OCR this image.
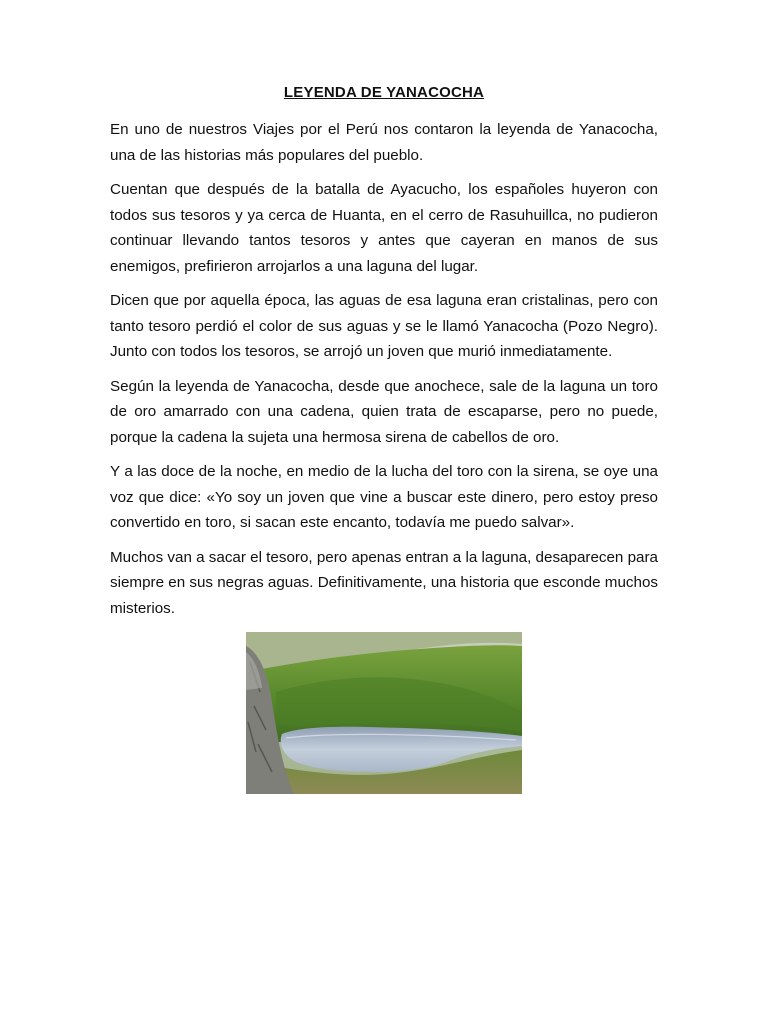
LEYENDA DE YANACOCHA

En uno de nuestros Viajes por el Perú nos contaron la leyenda de Yanacocha, una de las historias más populares del pueblo.

Cuentan que después de la batalla de Ayacucho, los españoles huyeron con todos sus tesoros y ya cerca de Huanta, en el cerro de Rasuhuillca, no pudieron continuar llevando tantos tesoros y antes que cayeran en manos de sus enemigos, prefirieron arrojarlos a una laguna del lugar.

Dicen que por aquella época, las aguas de esa laguna eran cristalinas, pero con tanto tesoro perdió el color de sus aguas y se le llamó Yanacocha (Pozo Negro). Junto con todos los tesoros, se arrojó un joven que murió inmediatamente.

Según la leyenda de Yanacocha, desde que anochece, sale de la laguna un toro de oro amarrado con una cadena, quien trata de escaparse, pero no puede, porque la cadena la sujeta una hermosa sirena de cabellos de oro.

Y a las doce de la noche, en medio de la lucha del toro con la sirena, se oye una voz que dice: «Yo soy un joven que vine a buscar este dinero, pero estoy preso convertido en toro, si sacan este encanto, todavía me puedo salvar».

Muchos van a sacar el tesoro, pero apenas entran a la laguna, desaparecen para siempre en sus negras aguas. Definitivamente, una historia que esconde muchos misterios.
